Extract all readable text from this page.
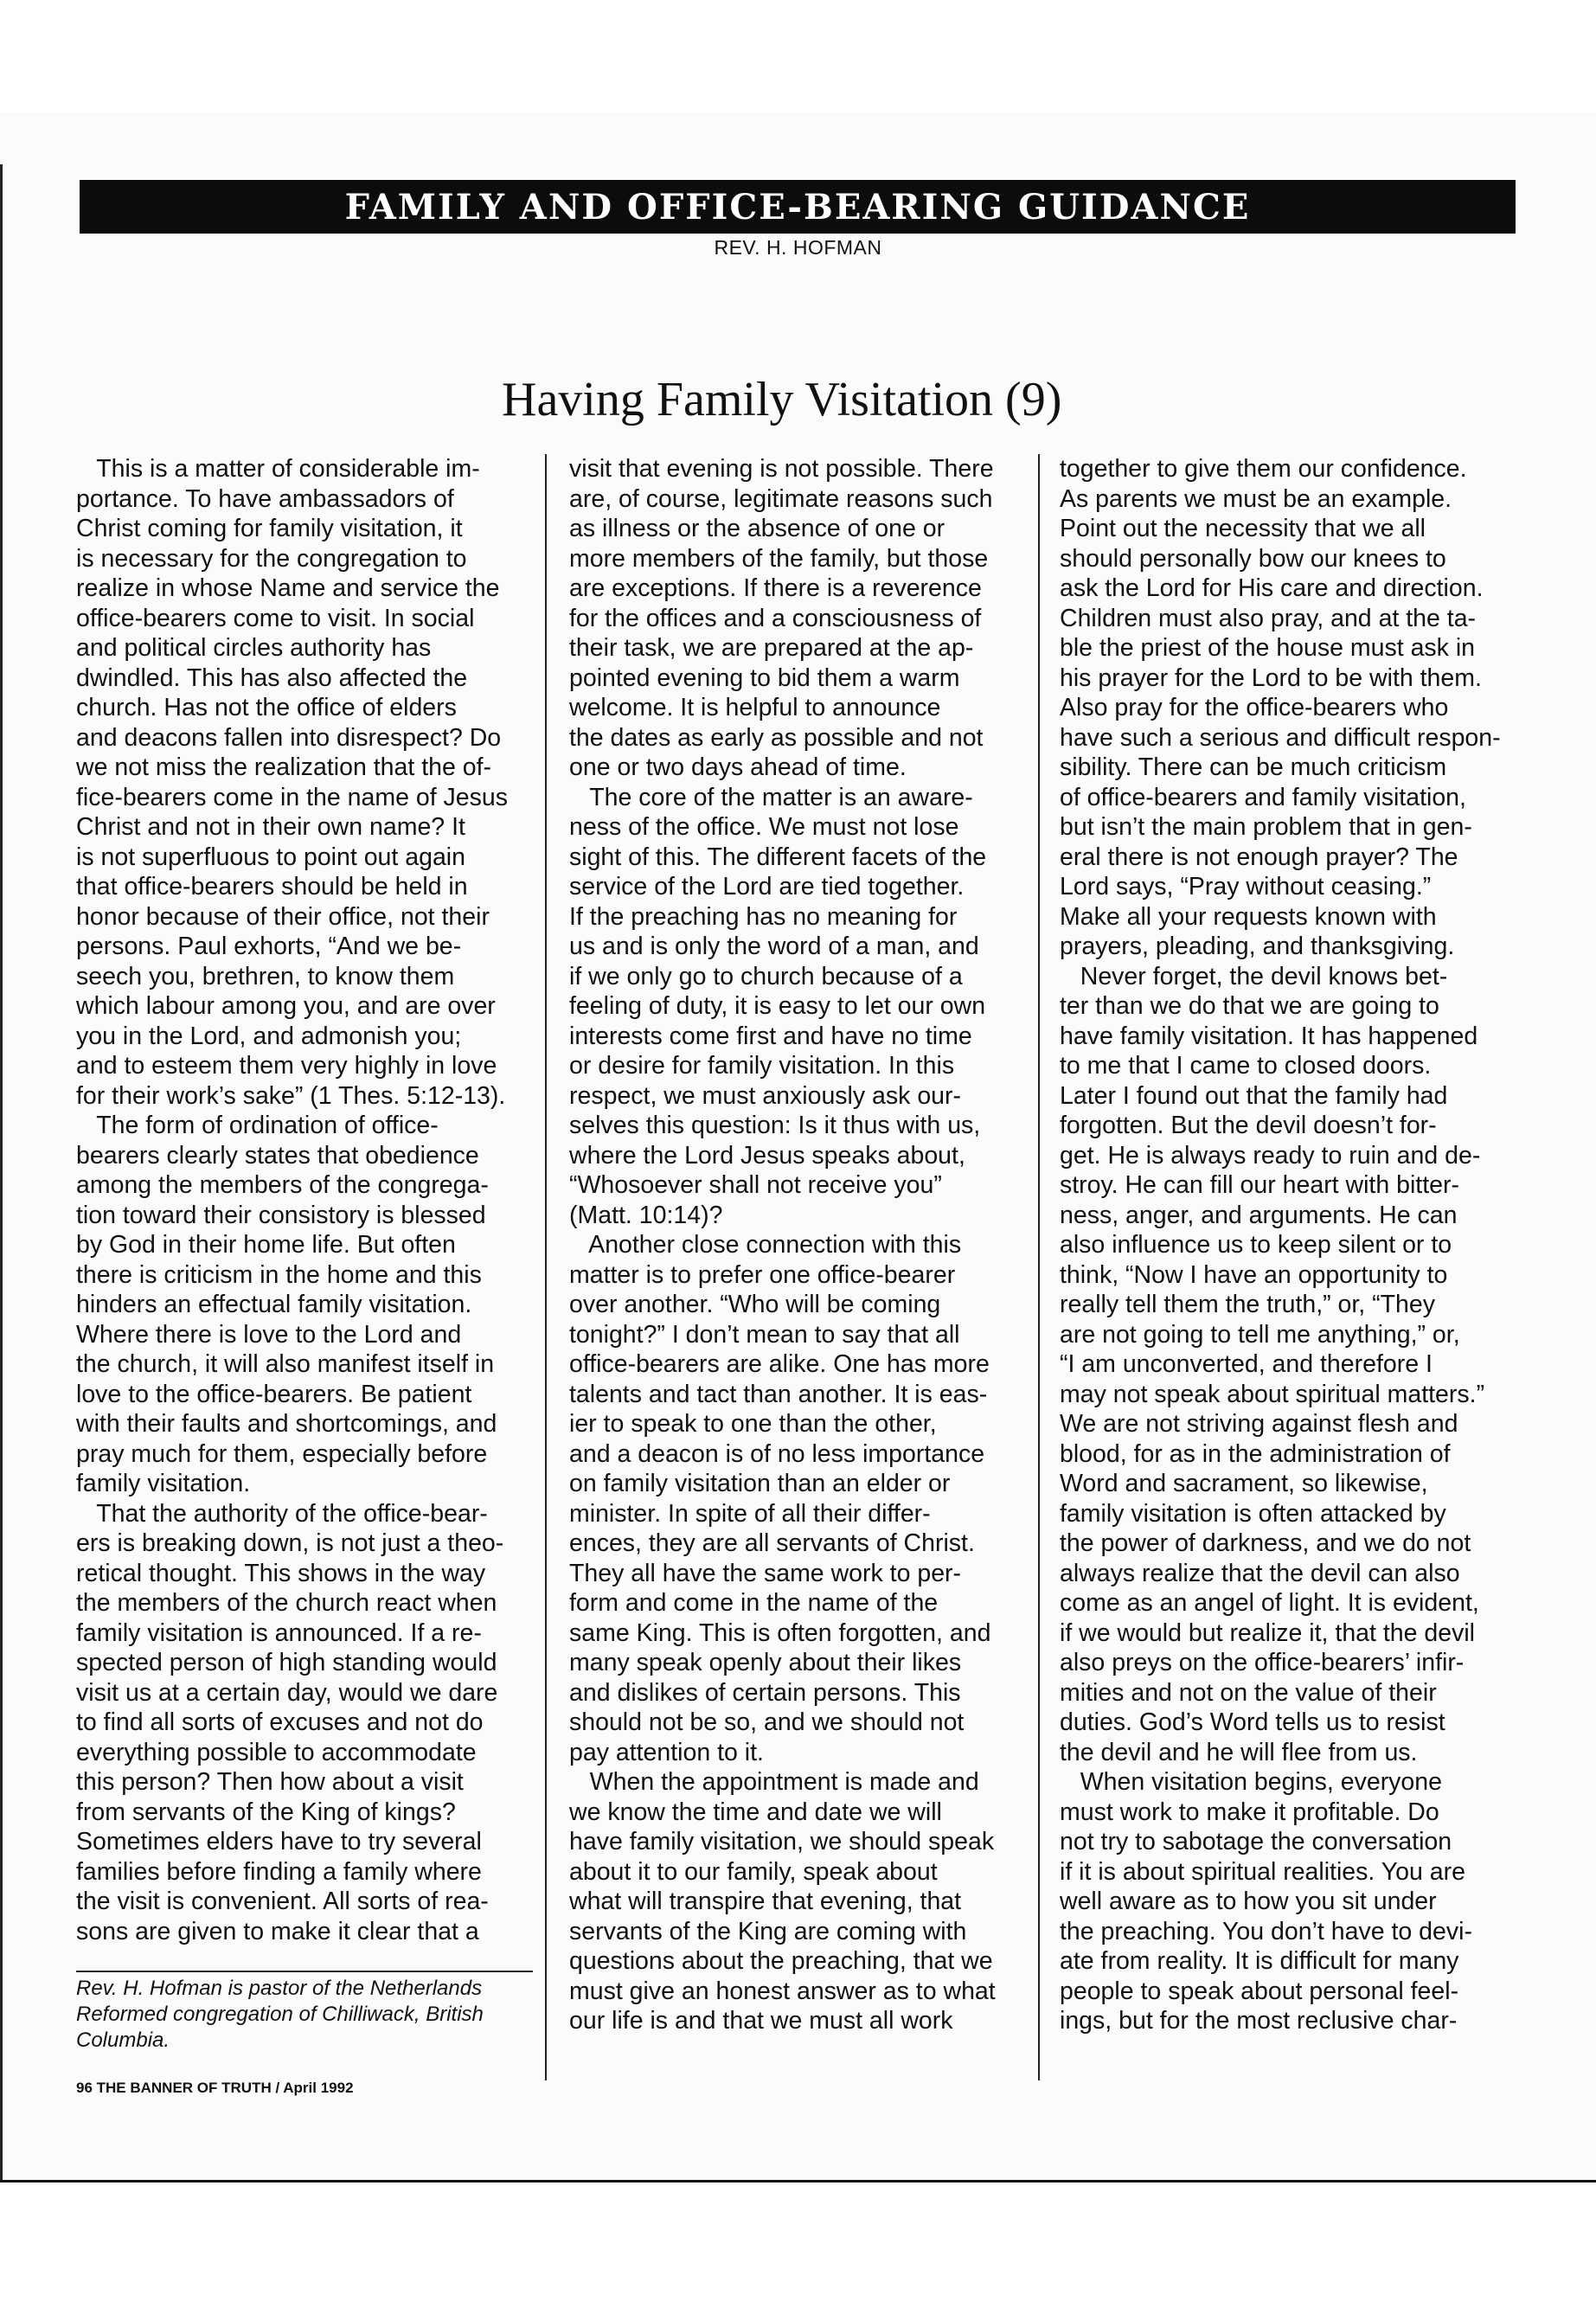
FAMILY AND OFFICE-BEARING GUIDANCE
REV. H. HOFMAN
Having Family Visitation (9)
This is a matter of considerable im-
portance. To have ambassadors of
Christ coming for family visitation, it
is necessary for the congregation to
realize in whose Name and service the
office-bearers come to visit. In social
and political circles authority has
dwindled. This has also affected the
church. Has not the office of elders
and deacons fallen into disrespect? Do
we not miss the realization that the of-
fice-bearers come in the name of Jesus
Christ and not in their own name? It
is not superfluous to point out again
that office-bearers should be held in
honor because of their office, not their
persons. Paul exhorts, “And we be-
seech you, brethren, to know them
which labour among you, and are over
you in the Lord, and admonish you;
and to esteem them very highly in love
for their work’s sake” (1 Thes. 5:12-13).
The form of ordination of office-
bearers clearly states that obedience
among the members of the congrega-
tion toward their consistory is blessed
by God in their home life. But often
there is criticism in the home and this
hinders an effectual family visitation.
Where there is love to the Lord and
the church, it will also manifest itself in
love to the office-bearers. Be patient
with their faults and shortcomings, and
pray much for them, especially before
family visitation.
That the authority of the office-bear-
ers is breaking down, is not just a theo-
retical thought. This shows in the way
the members of the church react when
family visitation is announced. If a re-
spected person of high standing would
visit us at a certain day, would we dare
to find all sorts of excuses and not do
everything possible to accommodate
this person? Then how about a visit
from servants of the King of kings?
Sometimes elders have to try several
families before finding a family where
the visit is convenient. All sorts of rea-
sons are given to make it clear that a
visit that evening is not possible. There
are, of course, legitimate reasons such
as illness or the absence of one or
more members of the family, but those
are exceptions. If there is a reverence
for the offices and a consciousness of
their task, we are prepared at the ap-
pointed evening to bid them a warm
welcome. It is helpful to announce
the dates as early as possible and not
one or two days ahead of time.
The core of the matter is an aware-
ness of the office. We must not lose
sight of this. The different facets of the
service of the Lord are tied together.
If the preaching has no meaning for
us and is only the word of a man, and
if we only go to church because of a
feeling of duty, it is easy to let our own
interests come first and have no time
or desire for family visitation. In this
respect, we must anxiously ask our-
selves this question: Is it thus with us,
where the Lord Jesus speaks about,
“Whosoever shall not receive you”
(Matt. 10:14)?
Another close connection with this
matter is to prefer one office-bearer
over another. “Who will be coming
tonight?” I don’t mean to say that all
office-bearers are alike. One has more
talents and tact than another. It is eas-
ier to speak to one than the other,
and a deacon is of no less importance
on family visitation than an elder or
minister. In spite of all their differ-
ences, they are all servants of Christ.
They all have the same work to per-
form and come in the name of the
same King. This is often forgotten, and
many speak openly about their likes
and dislikes of certain persons. This
should not be so, and we should not
pay attention to it.
When the appointment is made and
we know the time and date we will
have family visitation, we should speak
about it to our family, speak about
what will transpire that evening, that
servants of the King are coming with
questions about the preaching, that we
must give an honest answer as to what
our life is and that we must all work
together to give them our confidence.
As parents we must be an example.
Point out the necessity that we all
should personally bow our knees to
ask the Lord for His care and direction.
Children must also pray, and at the ta-
ble the priest of the house must ask in
his prayer for the Lord to be with them.
Also pray for the office-bearers who
have such a serious and difficult respon-
sibility. There can be much criticism
of office-bearers and family visitation,
but isn’t the main problem that in gen-
eral there is not enough prayer? The
Lord says, “Pray without ceasing.”
Make all your requests known with
prayers, pleading, and thanksgiving.
Never forget, the devil knows bet-
ter than we do that we are going to
have family visitation. It has happened
to me that I came to closed doors.
Later I found out that the family had
forgotten. But the devil doesn’t for-
get. He is always ready to ruin and de-
stroy. He can fill our heart with bitter-
ness, anger, and arguments. He can
also influence us to keep silent or to
think, “Now I have an opportunity to
really tell them the truth,” or, “They
are not going to tell me anything,” or,
“I am unconverted, and therefore I
may not speak about spiritual matters.”
We are not striving against flesh and
blood, for as in the administration of
Word and sacrament, so likewise,
family visitation is often attacked by
the power of darkness, and we do not
always realize that the devil can also
come as an angel of light. It is evident,
if we would but realize it, that the devil
also preys on the office-bearers’ infir-
mities and not on the value of their
duties. God’s Word tells us to resist
the devil and he will flee from us.
When visitation begins, everyone
must work to make it profitable. Do
not try to sabotage the conversation
if it is about spiritual realities. You are
well aware as to how you sit under
the preaching. You don’t have to devi-
ate from reality. It is difficult for many
people to speak about personal feel-
ings, but for the most reclusive char-
Rev. H. Hofman is pastor of the Netherlands
Reformed congregation of Chilliwack, British
Columbia.
96 THE BANNER OF TRUTH / April 1992
